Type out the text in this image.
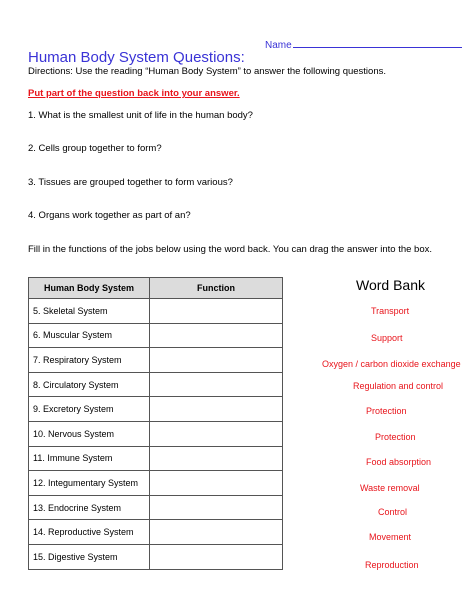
Name
Human Body System Questions:
Directions: Use the reading “Human Body System” to answer the following questions.
Put part of the question back into your answer.
1. What is the smallest unit of life in the human body?
2. Cells group together to form?
3. Tissues are grouped together to form various?
4. Organs work together as part of an?
Fill in the functions of the jobs below using the word back. You can drag the answer into the box.
Human Body System	Function
5. Skeletal System	
6. Muscular System	
7. Respiratory System	
8. Circulatory System	
9. Excretory System	
10. Nervous System	
11. Immune System	
12. Integumentary System	
13. Endocrine System	
14. Reproductive System	
15. Digestive System	
Word Bank
Transport
Support
Oxygen / carbon dioxide exchange
Regulation and control
Protection
Protection
Food absorption
Waste removal
Control
Movement
Reproduction
